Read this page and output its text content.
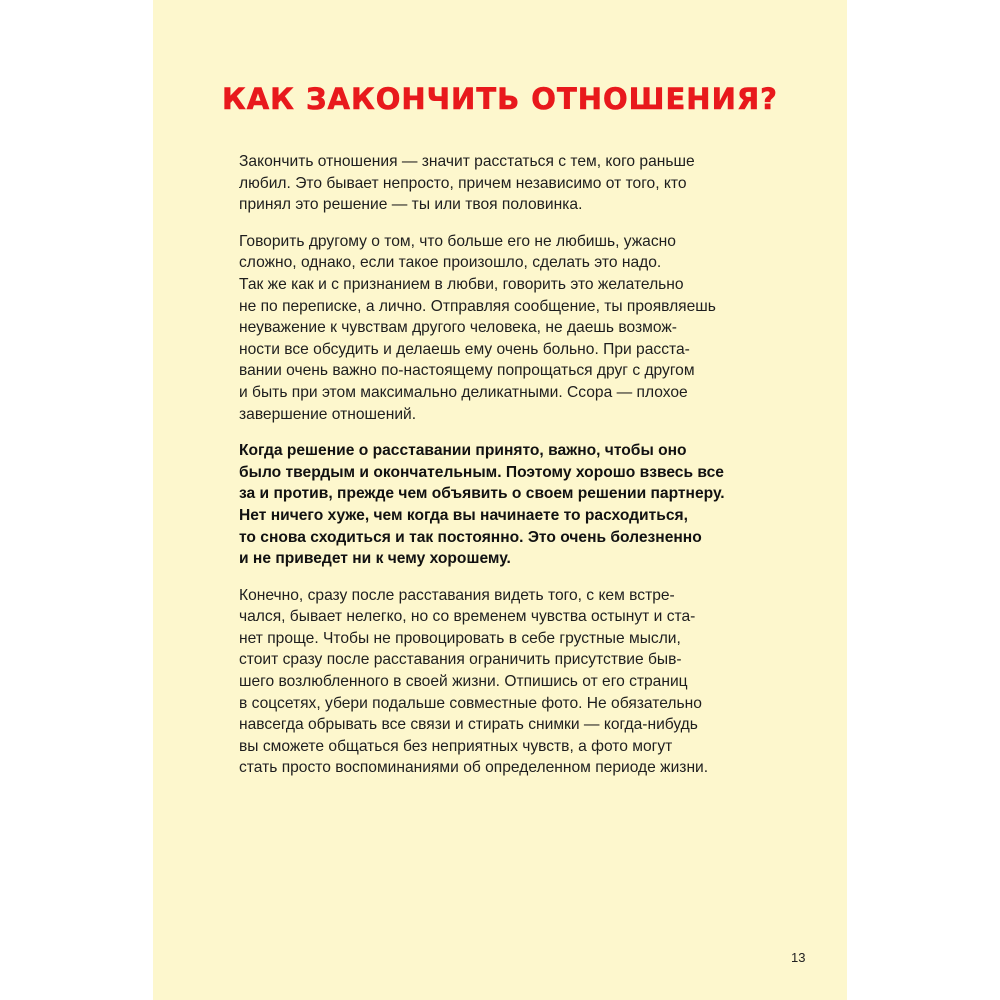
КАК ЗАКОНЧИТЬ ОТНОШЕНИЯ?

Закончить отношения — значит расстаться с тем, кого раньше
любил. Это бывает непросто, причем независимо от того, кто
принял это решение — ты или твоя половинка.

Говорить другому о том, что больше его не любишь, ужасно
сложно, однако, если такое произошло, сделать это надо.
Так же как и с признанием в любви, говорить это желательно
не по переписке, а лично. Отправляя сообщение, ты проявляешь
неуважение к чувствам другого человека, не даешь возмож-
ности все обсудить и делаешь ему очень больно. При расста-
вании очень важно по-настоящему попрощаться друг с другом
и быть при этом максимально деликатными. Ссора — плохое
завершение отношений.

Когда решение о расставании принято, важно, чтобы оно
было твердым и окончательным. Поэтому хорошо взвесь все
за и против, прежде чем объявить о своем решении партнеру.
Нет ничего хуже, чем когда вы начинаете то расходиться,
то снова сходиться и так постоянно. Это очень болезненно
и не приведет ни к чему хорошему.

Конечно, сразу после расставания видеть того, с кем встре-
чался, бывает нелегко, но со временем чувства остынут и ста-
нет проще. Чтобы не провоцировать в себе грустные мысли,
стоит сразу после расставания ограничить присутствие быв-
шего возлюбленного в своей жизни. Отпишись от его страниц
в соцсетях, убери подальше совместные фото. Не обязательно
навсегда обрывать все связи и стирать снимки — когда-нибудь
вы сможете общаться без неприятных чувств, а фото могут
стать просто воспоминаниями об определенном периоде жизни.

13
